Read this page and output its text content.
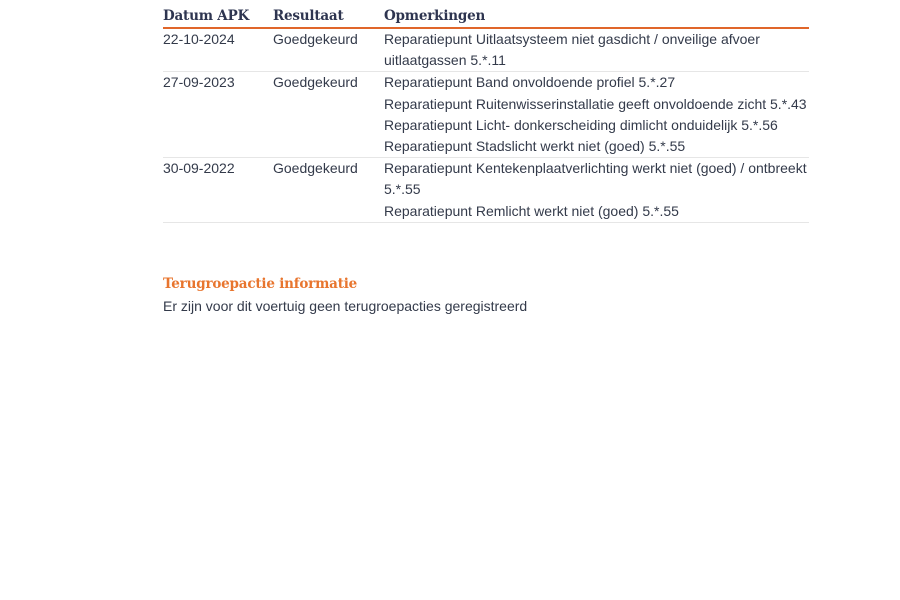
Datum APK	Resultaat	Opmerkingen
22-10-2024	Goedgekeurd	Reparatiepunt Uitlaatsysteem niet gasdicht / onveilige afvoer uitlaatgassen 5.*.11

27-09-2023	Goedgekeurd	Reparatiepunt Band onvoldoende profiel 5.*.27
Reparatiepunt Ruitenwisserinstallatie geeft onvoldoende zicht 5.*.43
Reparatiepunt Licht- donkerscheiding dimlicht onduidelijk 5.*.56
Reparatiepunt Stadslicht werkt niet (goed) 5.*.55

30-09-2022	Goedgekeurd	Reparatiepunt Kentekenplaatverlichting werkt niet (goed) / ontbreekt 5.*.55
Reparatiepunt Remlicht werkt niet (goed) 5.*.55
Terugroepactie informatie
Er zijn voor dit voertuig geen terugroepacties geregistreerd
